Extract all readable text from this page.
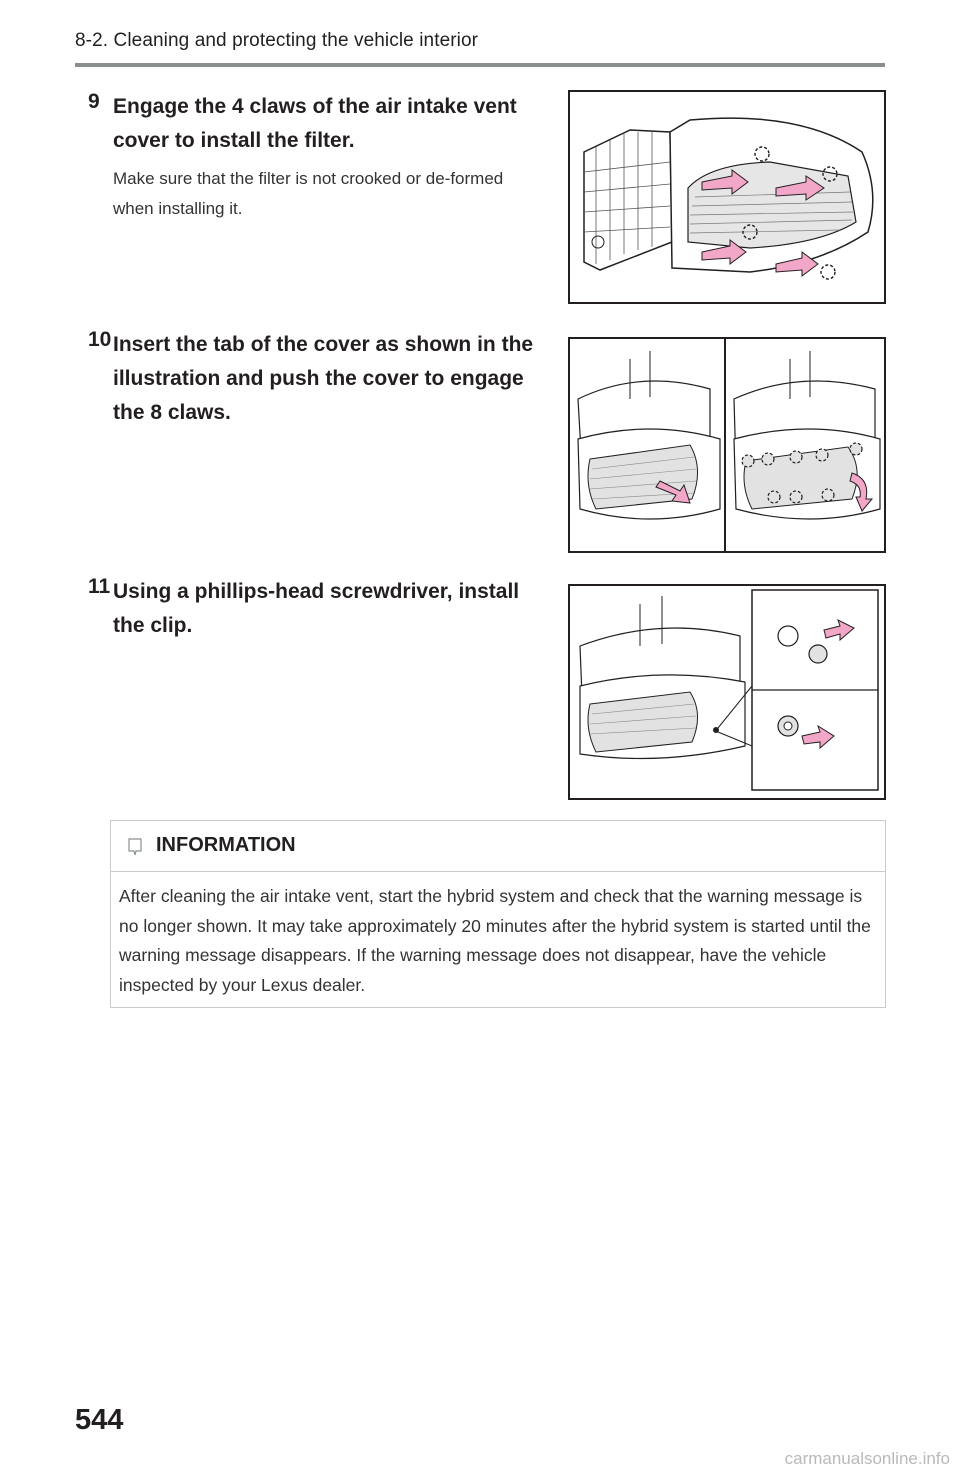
8-2. Cleaning and protecting the vehicle interior
9 Engage the 4 claws of the air intake vent cover to install the filter.
Make sure that the filter is not crooked or de-formed when installing it.
10 Insert the tab of the cover as shown in the illustration and push the cover to engage the 8 claws.
11 Using a phillips-head screwdriver, install the clip.
INFORMATION
After cleaning the air intake vent, start the hybrid system and check that the warning message is no longer shown. It may take approximately 20 minutes after the hybrid system is started until the warning message disappears. If the warning message does not disappear, have the vehicle inspected by your Lexus dealer.
544
carmanualsonline.info
